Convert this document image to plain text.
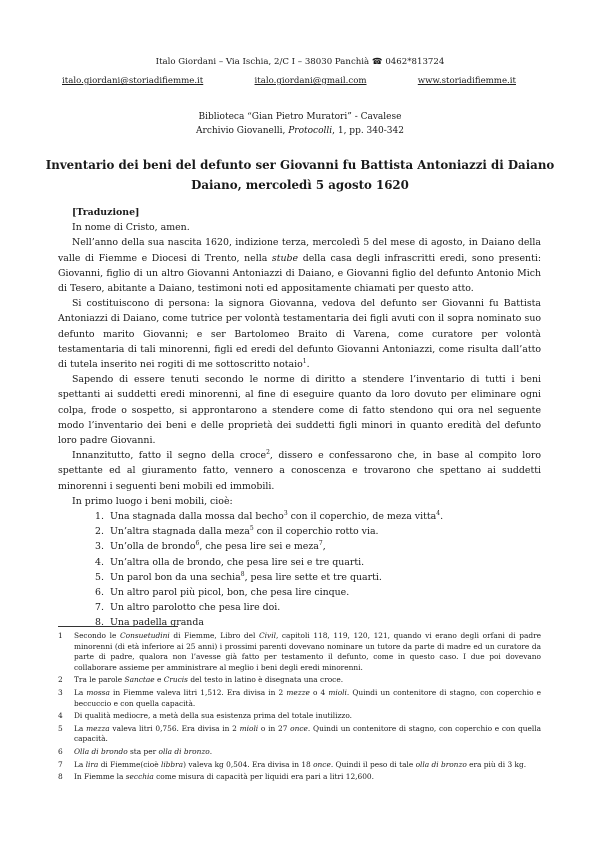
Italo Giordani – Via Ischia, 2/C I – 38030 Panchià ☎ 0462*813724
italo.giordani@storiadifiemme.it	italo.giordani@gmail.com	www.storiadifiemme.it
Biblioteca “Gian Pietro Muratori” - Cavalese
Archivio Giovanelli, Protocolli, 1, pp. 340-342
Inventario dei beni del defunto ser Giovanni fu Battista Antoniazzi di Daiano
Daiano, mercoledì 5 agosto 1620

[Traduzione]

In nome di Cristo, amen.

Nell’anno della sua nascita 1620, indizione terza, mercoledì 5 del mese di agosto, in Daiano della valle di Fiemme e Diocesi di Trento, nella stube della casa degli infrascritti eredi, sono presenti: Giovanni, figlio di un altro Giovanni Antoniazzi di Daiano, e Giovanni figlio del defunto Antonio Mich di Tesero, abitante a Daiano, testimoni noti ed appositamente chiamati per questo atto.

Si costituiscono di persona: la signora Giovanna, vedova del defunto ser Giovanni fu Battista Antoniazzi di Daiano, come tutrice per volontà testamentaria dei figli avuti con il sopra nominato suo defunto marito Giovanni; e ser Bartolomeo Braito di Varena, come curatore per volontà testamentaria di tali minorenni, figli ed eredi del defunto Giovanni Antoniazzi, come risulta dall’atto di tutela inserito nei rogiti di me sottoscritto notaio$^1$.

Sapendo di essere tenuti secondo le norme di diritto a stendere l’inventario di tutti i beni spettanti ai suddetti eredi minorenni, al fine di eseguire quanto da loro dovuto per eliminare ogni colpa, frode o sospetto, si approntarono a stendere come di fatto stendono qui ora nel seguente modo l’inventario dei beni e delle proprietà dei suddetti figli minori in quanto eredità del defunto loro padre Giovanni.

Innanzitutto, fatto il segno della croce$^2$, dissero e confessarono che, in base al compito loro spettante ed al giuramento fatto, vennero a conoscenza e trovarono che spettano ai suddetti minorenni i seguenti beni mobili ed immobili.

In primo luogo i beni mobili, cioè:

1. Una stagnada dalla mossa dal becho$^3$ con il coperchio, de meza vitta$^4$.
2. Un’altra stagnada dalla meza$^5$ con il coperchio rotto via.
3. Un’olla de brondo$^6$, che pesa lire sei e meza$^7$,
4. Un’altra olla de brondo, che pesa lire sei e tre quarti.
5. Un parol bon da una sechia$^8$, pesa lire sette et tre quarti.
6. Un altro parol più picol, bon, che pesa lire cinque.
7. Un altro parolotto che pesa lire doi.
8. Una padella granda
1	Secondo le Consuetudini di Fiemme, Libro del Civil, capitoli 118, 119, 120, 121, quando vi erano degli orfani di padre minorenni (di età inferiore ai 25 anni) i prossimi parenti dovevano nominare un tutore da parte di madre ed un curatore da parte di padre, qualora non l’avesse già fatto per testamento il defunto, come in questo caso. I due poi dovevano collaborare assieme per amministrare al meglio i beni degli eredi minorenni.
2	Tra le parole Sanctae e Crucis del testo in latino è disegnata una croce.
3	La mossa in Fiemme valeva litri 1,512. Era divisa in 2 mezze o 4 mioli. Quindi un contenitore di stagno, con coperchio e beccuccio e con quella capacità.
4	Di qualità mediocre, a metà della sua esistenza prima del totale inutilizzo.
5	La mezza valeva litri 0,756. Era divisa in 2 mioli o in 27 once. Quindi un contenitore di stagno, con coperchio e con quella capacità.
6	Olla di brondo sta per olla di bronzo.
7	La lira di Fiemme(cioè libbra) valeva kg 0,504. Era divisa in 18 once. Quindi il peso di tale olla di bronzo era più di 3 kg.
8	In Fiemme la secchia come misura di capacità per liquidi era pari a litri 12,600.
